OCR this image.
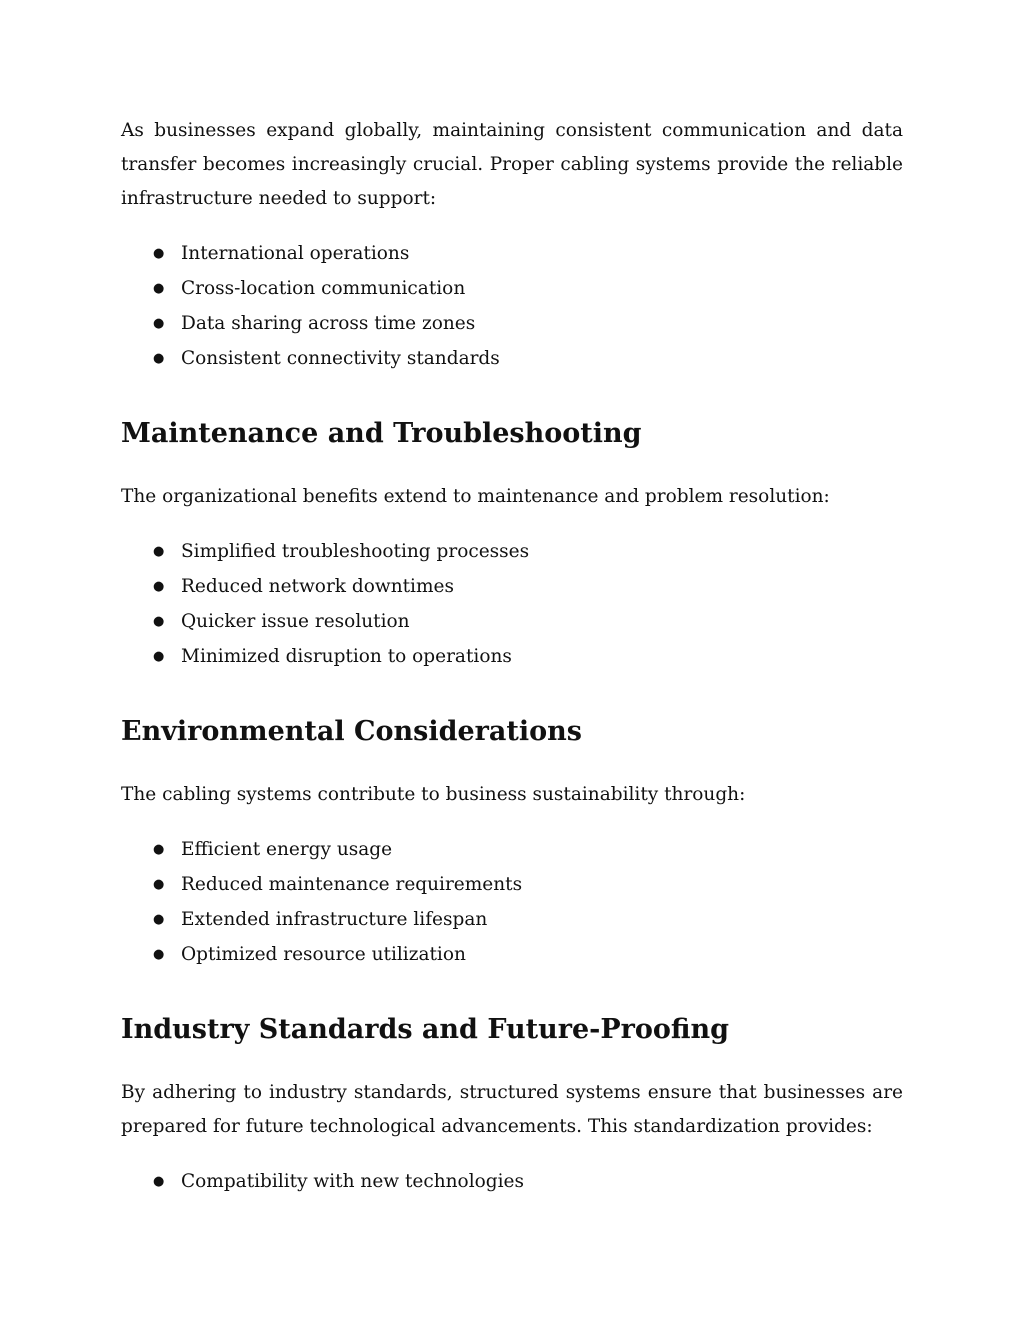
As businesses expand globally, maintaining consistent communication and data transfer becomes increasingly crucial. Proper cabling systems provide the reliable infrastructure needed to support:

● International operations
● Cross-location communication
● Data sharing across time zones
● Consistent connectivity standards
Maintenance and Troubleshooting

The organizational benefits extend to maintenance and problem resolution:

● Simplified troubleshooting processes
● Reduced network downtimes
● Quicker issue resolution
● Minimized disruption to operations
Environmental Considerations

The cabling systems contribute to business sustainability through:

● Efficient energy usage
● Reduced maintenance requirements
● Extended infrastructure lifespan
● Optimized resource utilization
Industry Standards and Future-Proofing

By adhering to industry standards, structured systems ensure that businesses are prepared for future technological advancements. This standardization provides:

● Compatibility with new technologies
